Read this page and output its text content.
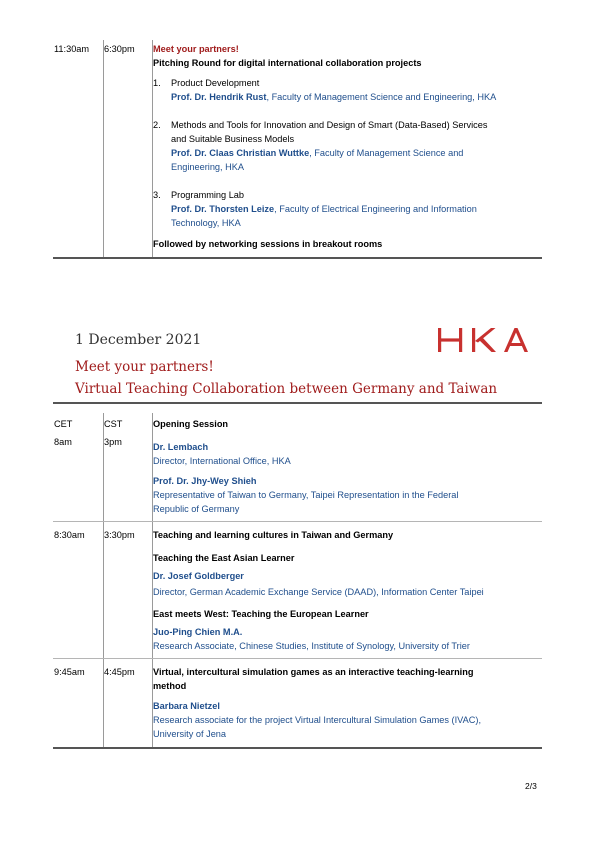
11:30am 6:30pm Meet your partners!
Pitching Round for digital international collaboration projects
1. Product Development
Prof. Dr. Hendrik Rust, Faculty of Management Science and Engineering, HKA
2. Methods and Tools for Innovation and Design of Smart (Data-Based) Services
and Suitable Business Models
Prof. Dr. Claas Christian Wuttke, Faculty of Management Science and
Engineering, HKA
3. Programming Lab
Prof. Dr. Thorsten Leize, Faculty of Electrical Engineering and Information
Technology, HKA
Followed by networking sessions in breakout rooms
1 December 2021
Meet your partners!
Virtual Teaching Collaboration between Germany and Taiwan
CET	CST
8am	3pm
Opening Session
Dr. Lembach
Director, International Office, HKA
Prof. Dr. Jhy-Wey Shieh
Representative of Taiwan to Germany, Taipei Representation in the Federal
Republic of Germany
8:30am 3:30pm Teaching and learning cultures in Taiwan and Germany
Teaching the East Asian Learner
Dr. Josef Goldberger
Director, German Academic Exchange Service (DAAD), Information Center Taipei
East meets West: Teaching the European Learner
Juo-Ping Chien M.A.
Research Associate, Chinese Studies, Institute of Synology, University of Trier
9:45am 4:45pm Virtual, intercultural simulation games as an interactive teaching-learning
method
Barbara Nietzel
Research associate for the project Virtual Intercultural Simulation Games (IVAC),
University of Jena
2/3
